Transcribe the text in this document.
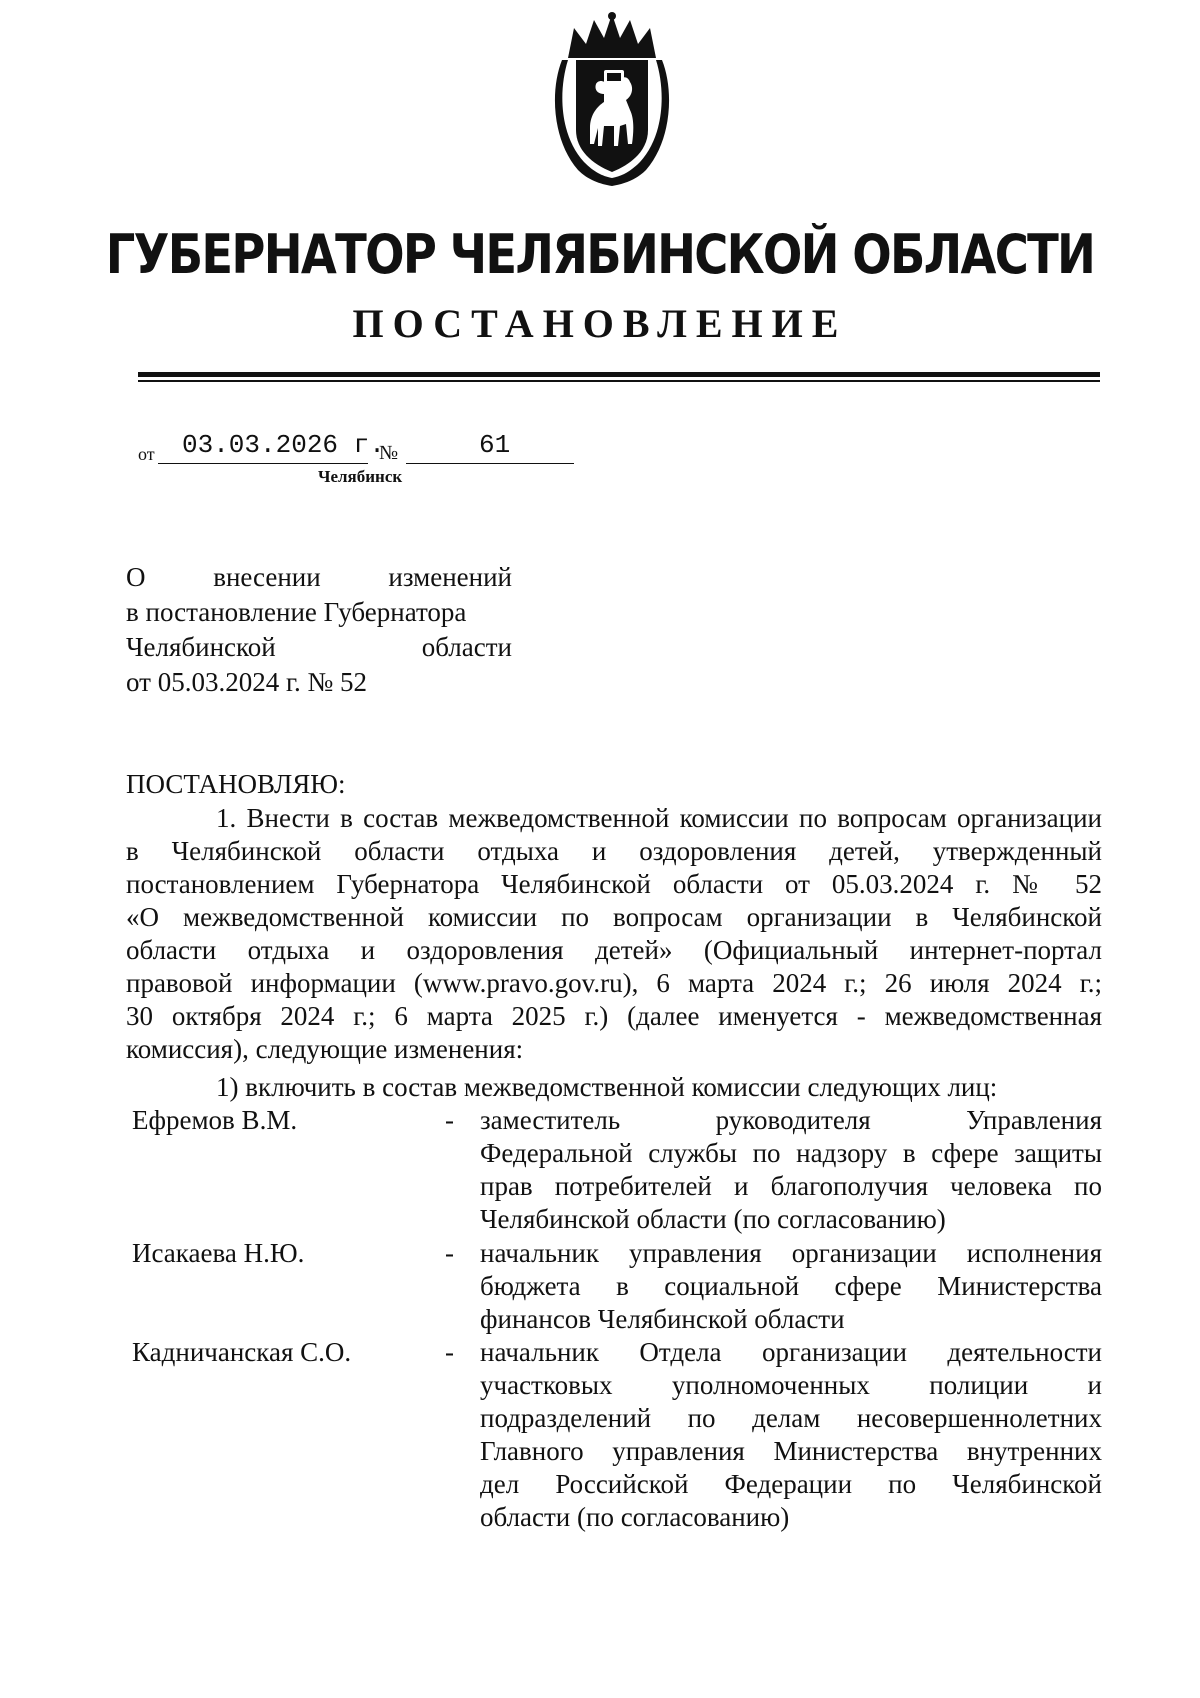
ГУБЕРНАТОР ЧЕЛЯБИНСКОЙ ОБЛАСТИ
ПОСТАНОВЛЕНИЕ
от 03.03.2026 г.
№	61
Челябинск
О	внесении	изменений
в постановление Губернатора
Челябинской	области
от 05.03.2024 г. № 52
ПОСТАНОВЛЯЮ:
1. Внести в состав межведомственной комиссии по вопросам организации
в Челябинской области отдыха и оздоровления детей, утвержденный
постановлением Губернатора Челябинской области от 05.03.2024 г. № 52
«О межведомственной комиссии по вопросам организации в Челябинской
области отдыха и оздоровления детей» (Официальный интернет-портал
правовой информации (www.pravo.gov.ru), 6 марта 2024 г.; 26 июля 2024 г.;
30 октября 2024 г.; 6 марта 2025 г.) (далее именуется - межведомственная
комиссия), следующие изменения:
1) включить в состав межведомственной комиссии следующих лиц:
Ефремов В.М.	- заместитель руководителя Управления
Федеральной службы по надзору в сфере защиты
прав потребителей и благополучия человека по
Челябинской области (по согласованию)
Исакаева Н.Ю.	- начальник управления организации исполнения
бюджета в социальной сфере Министерства
финансов Челябинской области
Кадничанская С.О.	- начальник Отдела организации деятельности
участковых уполномоченных полиции и
подразделений по делам несовершеннолетних
Главного управления Министерства внутренних
дел Российской Федерации по Челябинской
области (по согласованию)
